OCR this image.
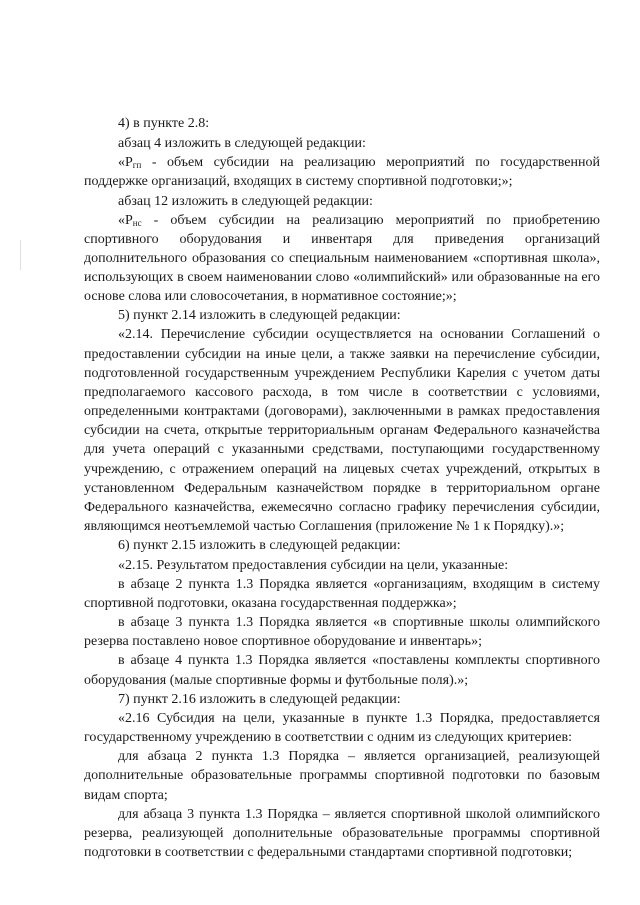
4) в пункте 2.8:
абзац 4 изложить в следующей редакции:
«$Р_{гп}$ - объем субсидии на реализацию мероприятий по государственной
поддержке организаций, входящих в систему спортивной подготовки;»;
абзац 12 изложить в следующей редакции:
«$Р_{нс}$ - объем субсидии на реализацию мероприятий по приобретению
спортивного оборудования и инвентаря для приведения организаций
дополнительного образования со специальным наименованием «спортивная школа»,
использующих в своем наименовании слово «олимпийский» или образованные на его
основе слова или словосочетания, в нормативное состояние;»;
5) пункт 2.14 изложить в следующей редакции:
«2.14. Перечисление субсидии осуществляется на основании Соглашений о
предоставлении субсидии на иные цели, а также заявки на перечисление субсидии,
подготовленной государственным учреждением Республики Карелия с учетом даты
предполагаемого кассового расхода, в том числе в соответствии с условиями,
определенными контрактами (договорами), заключенными в рамках предоставления
субсидии на счета, открытые территориальным органам Федерального казначейства
для учета операций с указанными средствами, поступающими государственному
учреждению, с отражением операций на лицевых счетах учреждений, открытых в
установленном Федеральным казначейством порядке в территориальном органе
Федерального казначейства, ежемесячно согласно графику перечисления субсидии,
являющимся неотъемлемой частью Соглашения (приложение № 1 к Порядку).»;
6) пункт 2.15 изложить в следующей редакции:
«2.15. Результатом предоставления субсидии на цели, указанные:
в абзаце 2 пункта 1.3 Порядка является «организациям, входящим в систему
спортивной подготовки, оказана государственная поддержка»;
в абзаце 3 пункта 1.3 Порядка является «в спортивные школы олимпийского
резерва поставлено новое спортивное оборудование и инвентарь»;
в абзаце 4 пункта 1.3 Порядка является «поставлены комплекты спортивного
оборудования (малые спортивные формы и футбольные поля).»;
7) пункт 2.16 изложить в следующей редакции:
«2.16 Субсидия на цели, указанные в пункте 1.3 Порядка, предоставляется
государственному учреждению в соответствии с одним из следующих критериев:
для абзаца 2 пункта 1.3 Порядка – является организацией, реализующей
дополнительные образовательные программы спортивной подготовки по базовым
видам спорта;
для абзаца 3 пункта 1.3 Порядка – является спортивной школой олимпийского
резерва, реализующей дополнительные образовательные программы спортивной
подготовки в соответствии с федеральными стандартами спортивной подготовки;
